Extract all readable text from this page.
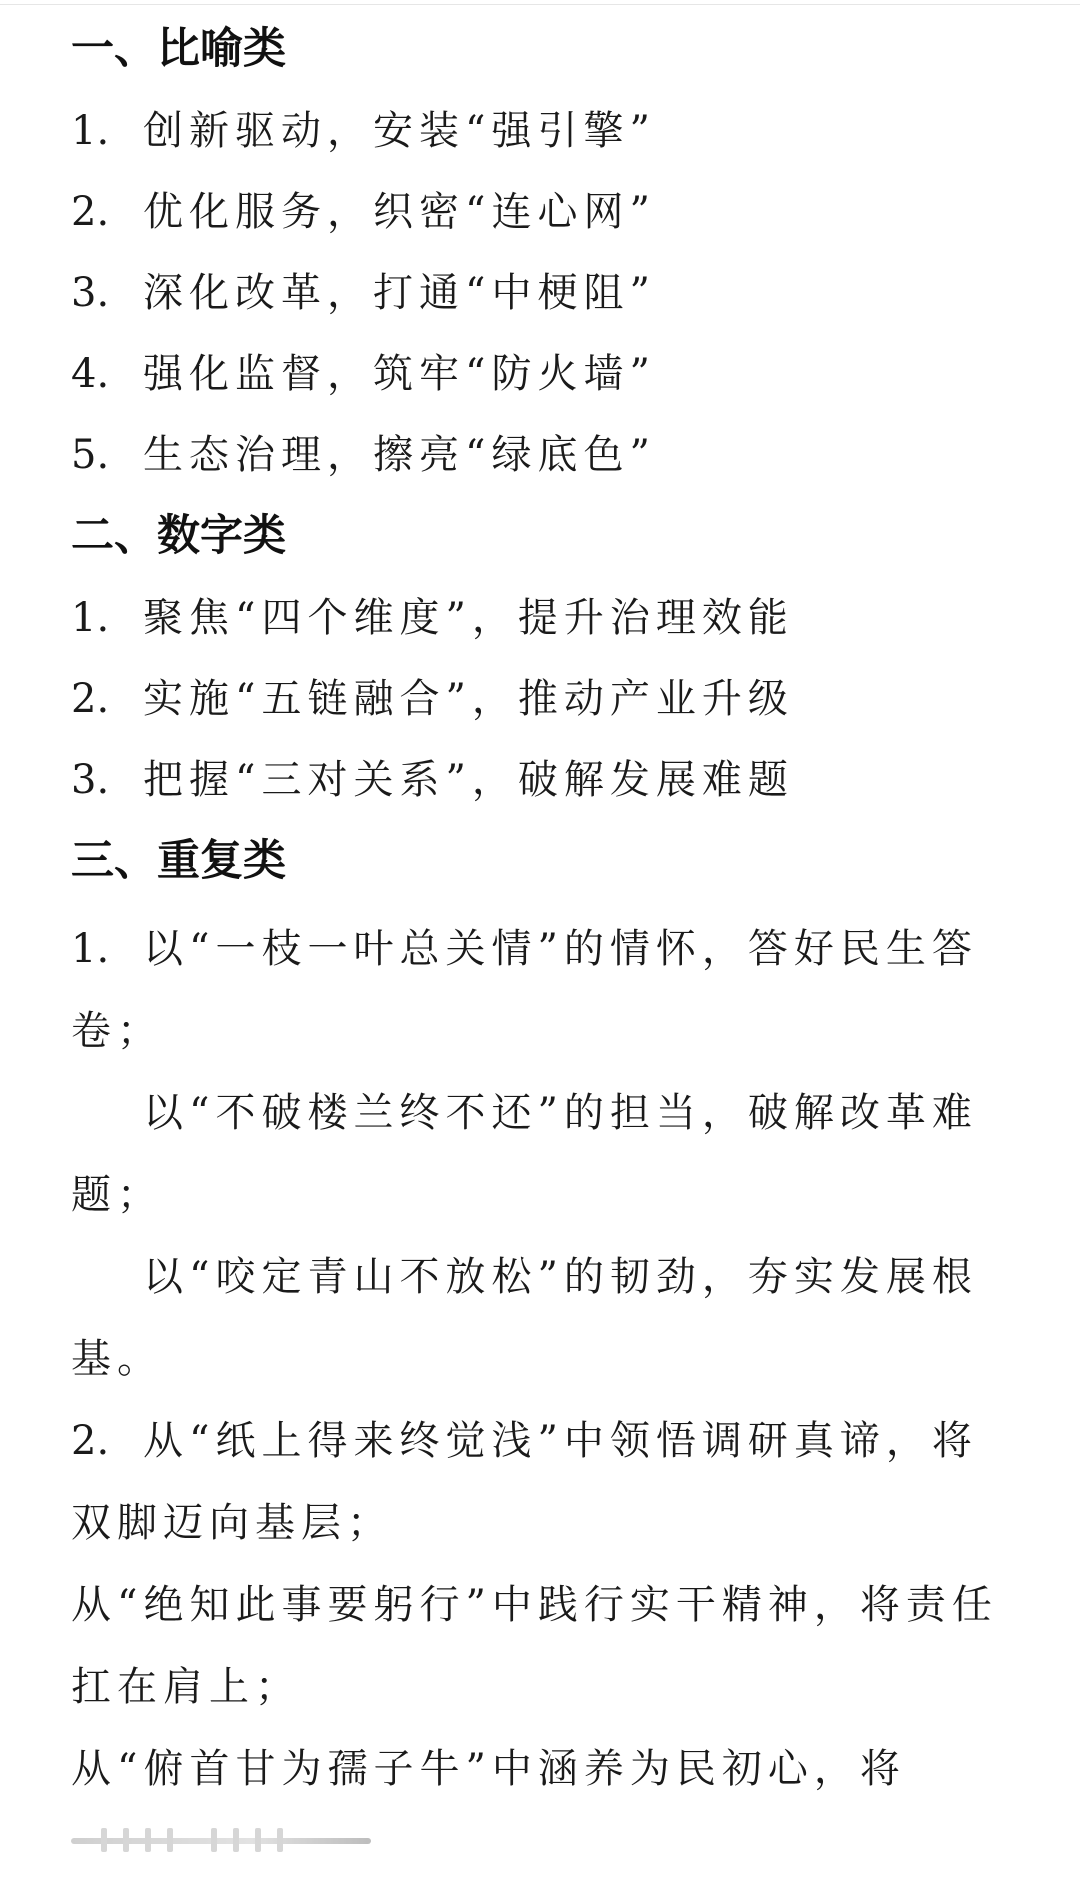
一、比喻类
1. 创新驱动，安装“强引擎”
2. 优化服务，织密“连心网”
3. 深化改革，打通“中梗阻”
4. 强化监督，筑牢“防火墙”
5. 生态治理，擦亮“绿底色”
二、数字类
1. 聚焦“四个维度”，提升治理效能
2. 实施“五链融合”，推动产业升级
3. 把握“三对关系”，破解发展难题
三、重复类
1. 以“一枝一叶总关情”的情怀，答好民生答卷；
以“不破楼兰终不还”的担当，破解改革难题；
以“咬定青山不放松”的韧劲，夯实发展根基。
2. 从“纸上得来终觉浅”中领悟调研真谛，将双脚迈向基层；
从“绝知此事要躬行”中践行实干精神，将责任扛在肩上；
从“俯首甘为孺子牛”中涵养为民初心，将
